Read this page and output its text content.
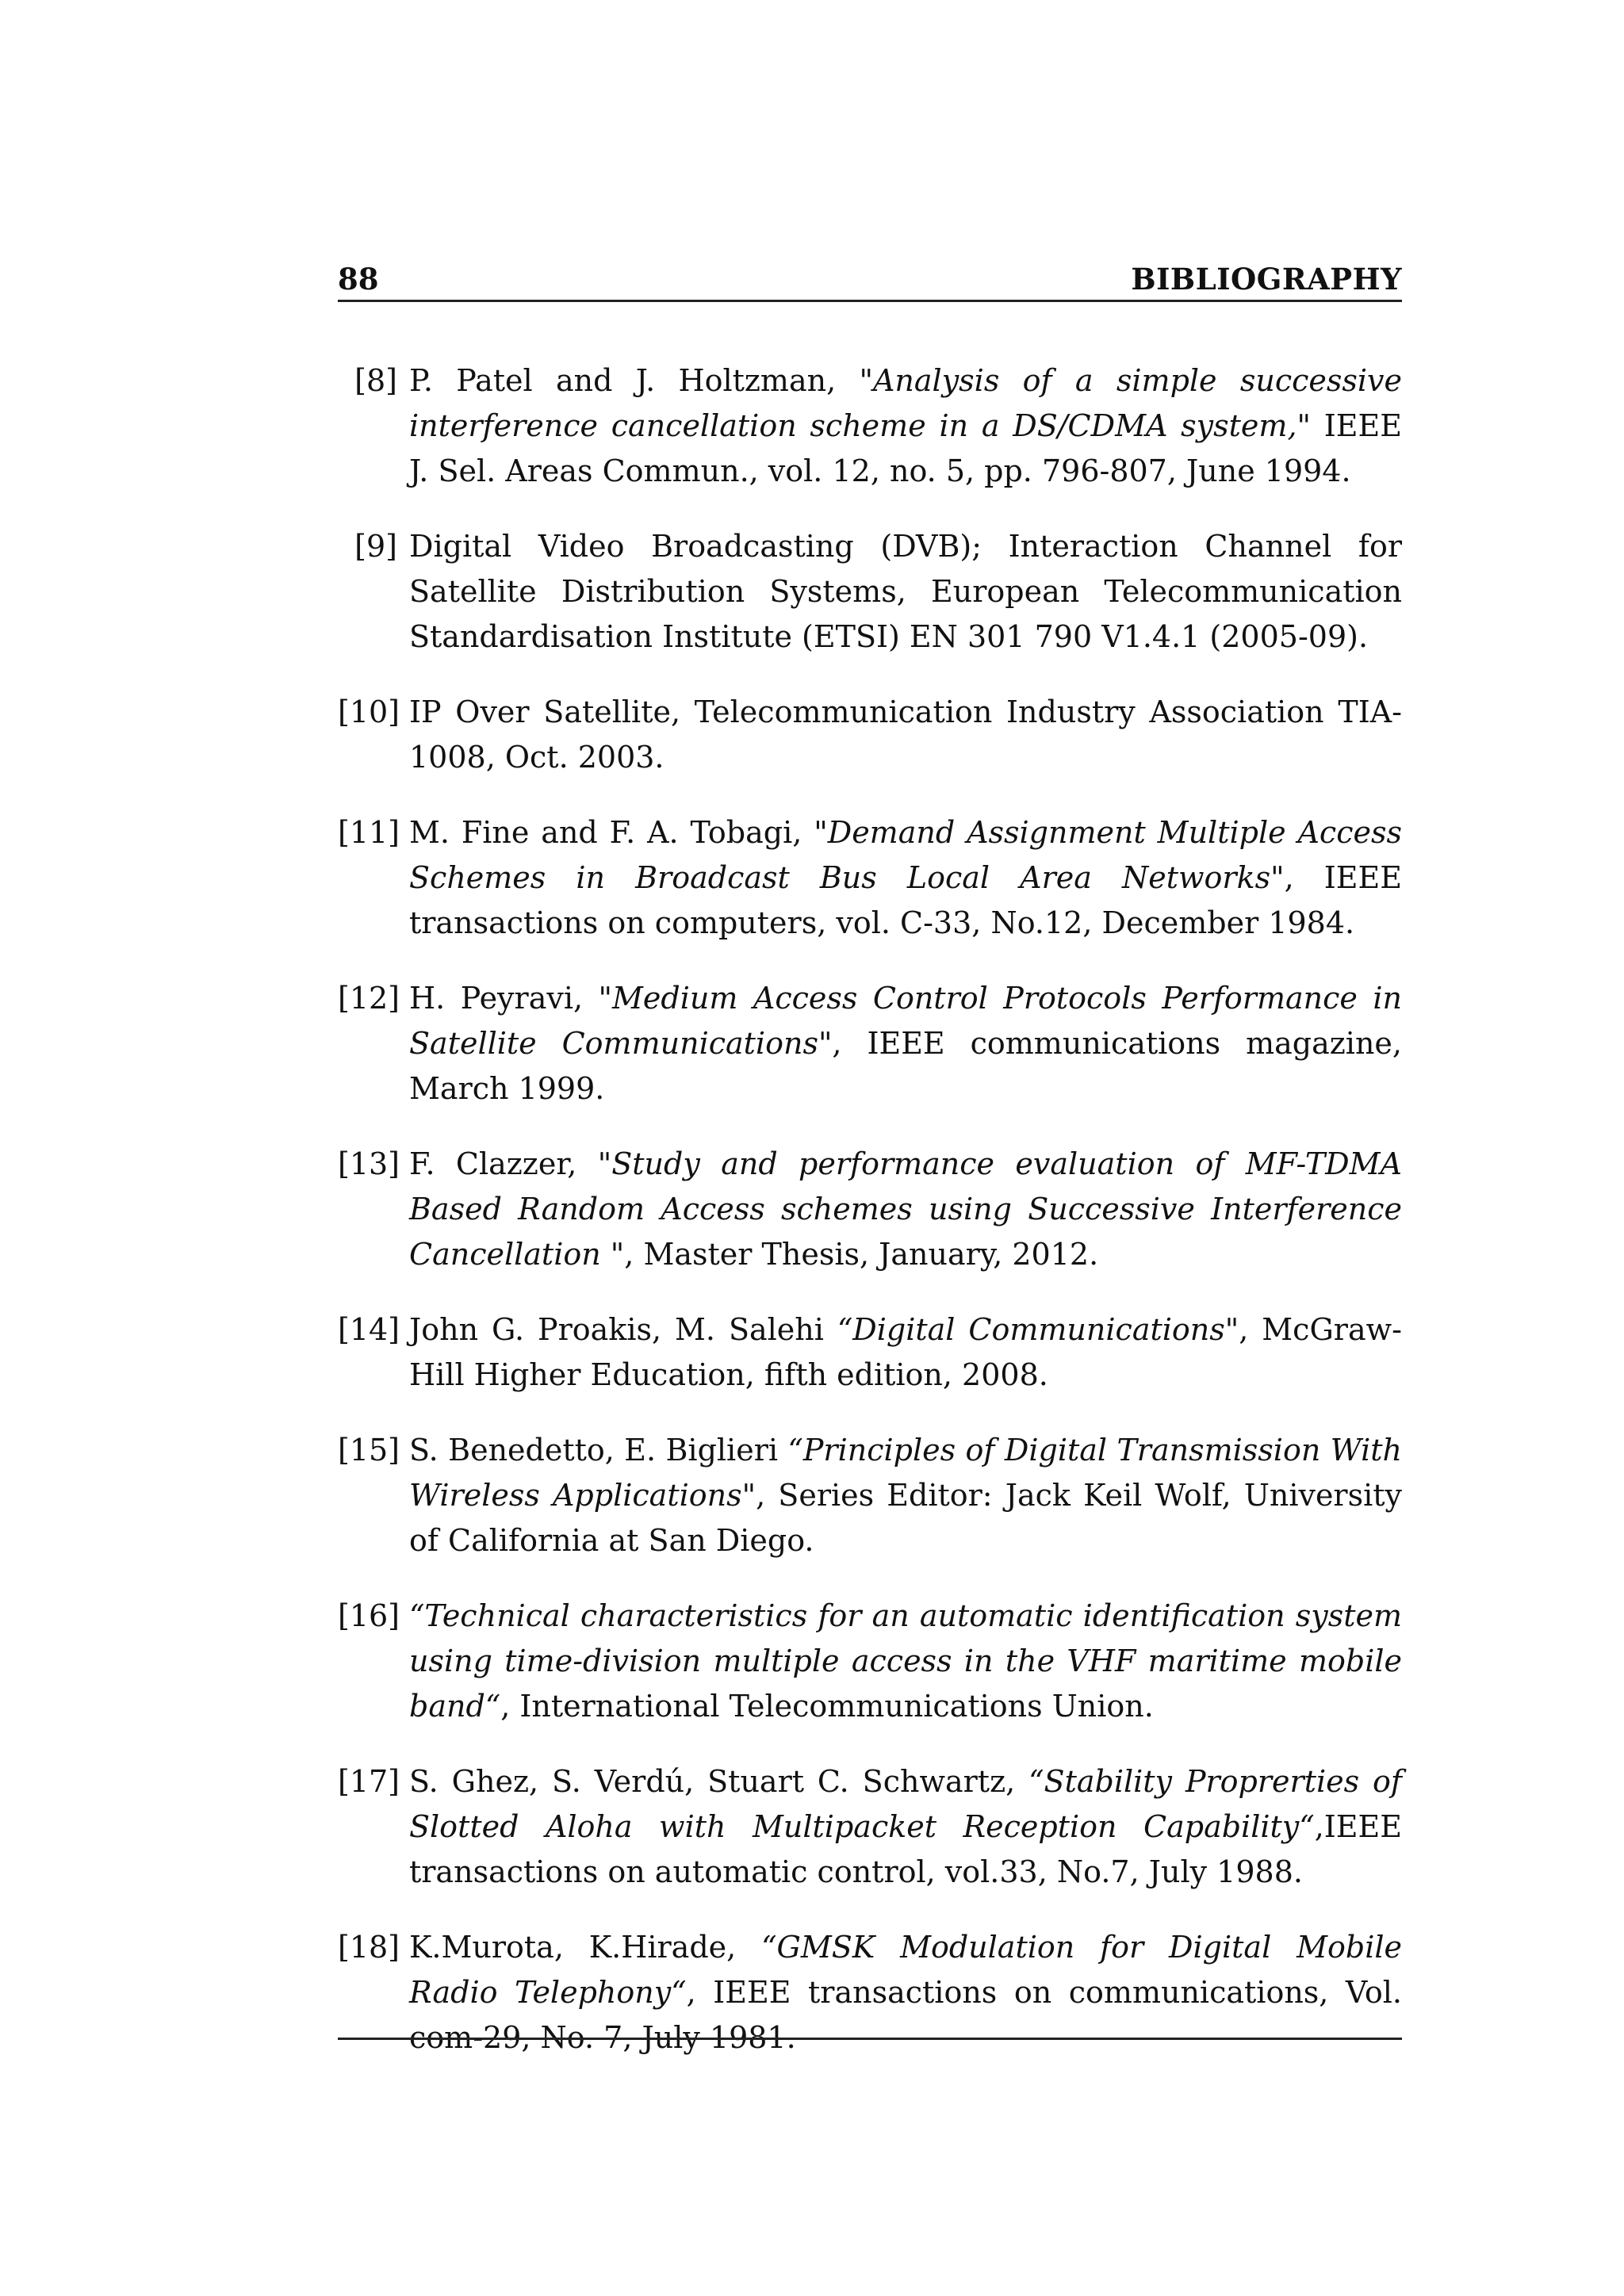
88	BIBLIOGRAPHY
[8] P. Patel and J. Holtzman, "Analysis of a simple successive interference cancellation scheme in a DS/CDMA system," IEEE J. Sel. Areas Commun., vol. 12, no. 5, pp. 796-807, June 1994.
[9] Digital Video Broadcasting (DVB); Interaction Channel for Satellite Distribution Systems, European Telecommunication Standardisation Institute (ETSI) EN 301 790 V1.4.1 (2005-09).
[10] IP Over Satellite, Telecommunication Industry Association TIA-1008, Oct. 2003.
[11] M. Fine and F. A. Tobagi, "Demand Assignment Multiple Access Schemes in Broadcast Bus Local Area Networks", IEEE transactions on computers, vol. C-33, No.12, December 1984.
[12] H. Peyravi, "Medium Access Control Protocols Performance in Satellite Communications", IEEE communications magazine, March 1999.
[13] F. Clazzer, "Study and performance evaluation of MF-TDMA Based Random Access schemes using Successive Interference Cancellation ", Master Thesis, January, 2012.
[14] John G. Proakis, M. Salehi “Digital Communications", McGraw-Hill Higher Education, fifth edition, 2008.
[15] S. Benedetto, E. Biglieri “Principles of Digital Transmission With Wireless Applications", Series Editor: Jack Keil Wolf, University of California at San Diego.
[16] “Technical characteristics for an automatic identification system using time-division multiple access in the VHF maritime mobile band“, International Telecommunications Union.
[17] S. Ghez, S. Verdú, Stuart C. Schwartz, “Stability Proprerties of Slotted Aloha with Multipacket Reception Capability“,IEEE transactions on automatic control, vol.33, No.7, July 1988.
[18] K.Murota, K.Hirade, “GMSK Modulation for Digital Mobile Radio Telephony“, IEEE transactions on communications, Vol. com-29, No. 7, July 1981.
